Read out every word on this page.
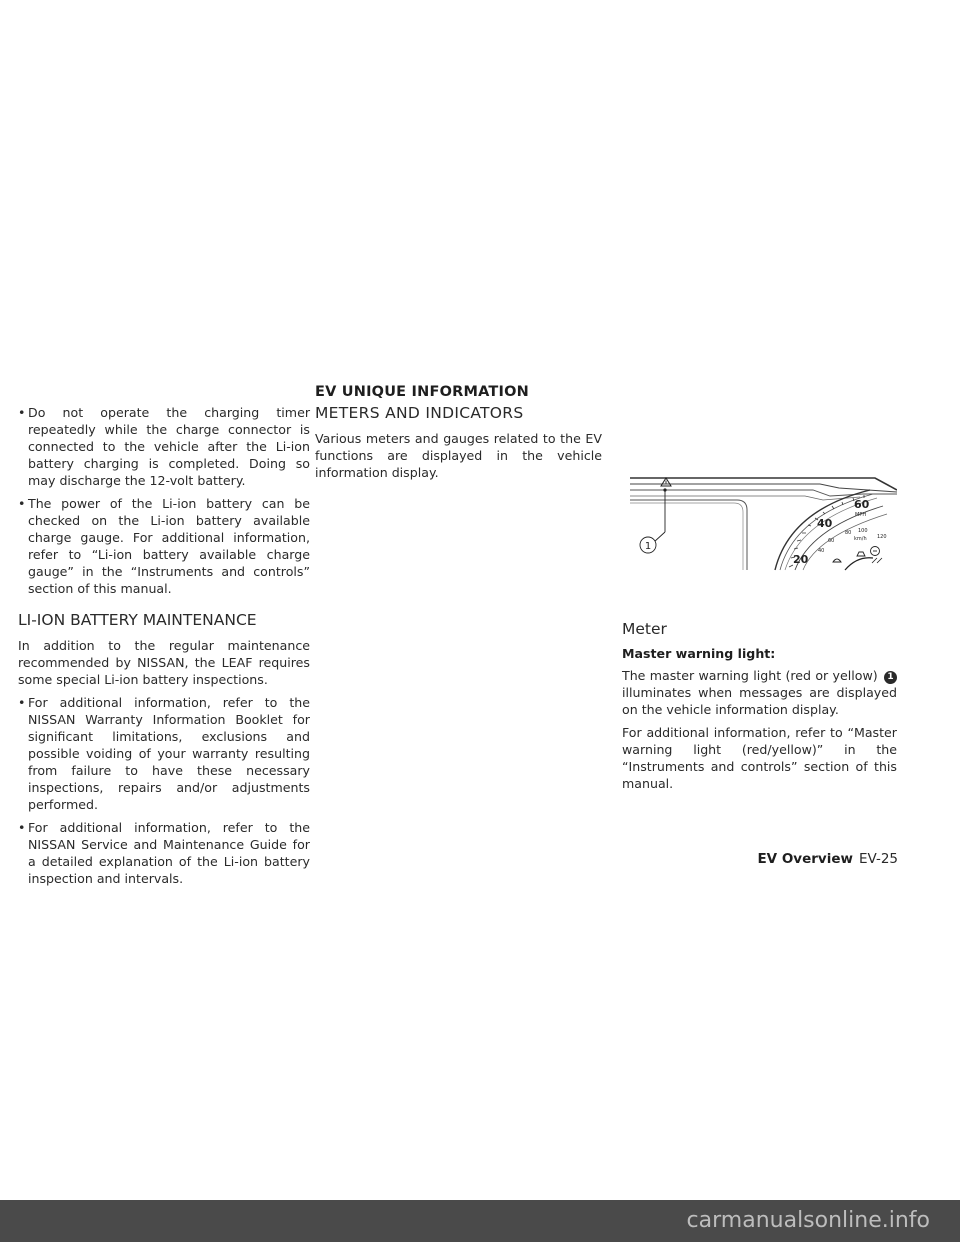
• Do not operate the charging timer repeatedly while the charge connector is connected to the vehicle after the Li-ion battery charging is completed. Doing so may discharge the 12-volt battery.
• The power of the Li-ion battery can be checked on the Li-ion battery available charge gauge. For additional information, refer to “Li-ion battery available charge gauge” in the “Instruments and controls” section of this manual.
LI-ION BATTERY MAINTENANCE

In addition to the regular maintenance recommended by NISSAN, the LEAF requires some special Li-ion battery inspections.

• For additional information, refer to the NISSAN Warranty Information Booklet for significant limitations, exclusions and possible voiding of your warranty resulting from failure to have these necessary inspections, repairs and/or adjustments performed.
• For additional information, refer to the NISSAN Service and Maintenance Guide for a detailed explanation of the Li-ion battery inspection and intervals.
EV UNIQUE INFORMATION
METERS AND INDICATORS

Various meters and gauges related to the EV functions are displayed in the vehicle information display.

1
60
MPH
40
80 100
120
km/h
60
40
20
Meter
Master warning light:

The master warning light (red or yellow) 1 illuminates when messages are displayed on the vehicle information display.

For additional information, refer to “Master warning light (red/yellow)” in the “Instruments and controls” section of this manual.

EV Overview EV-25
carmanualsonline.info
